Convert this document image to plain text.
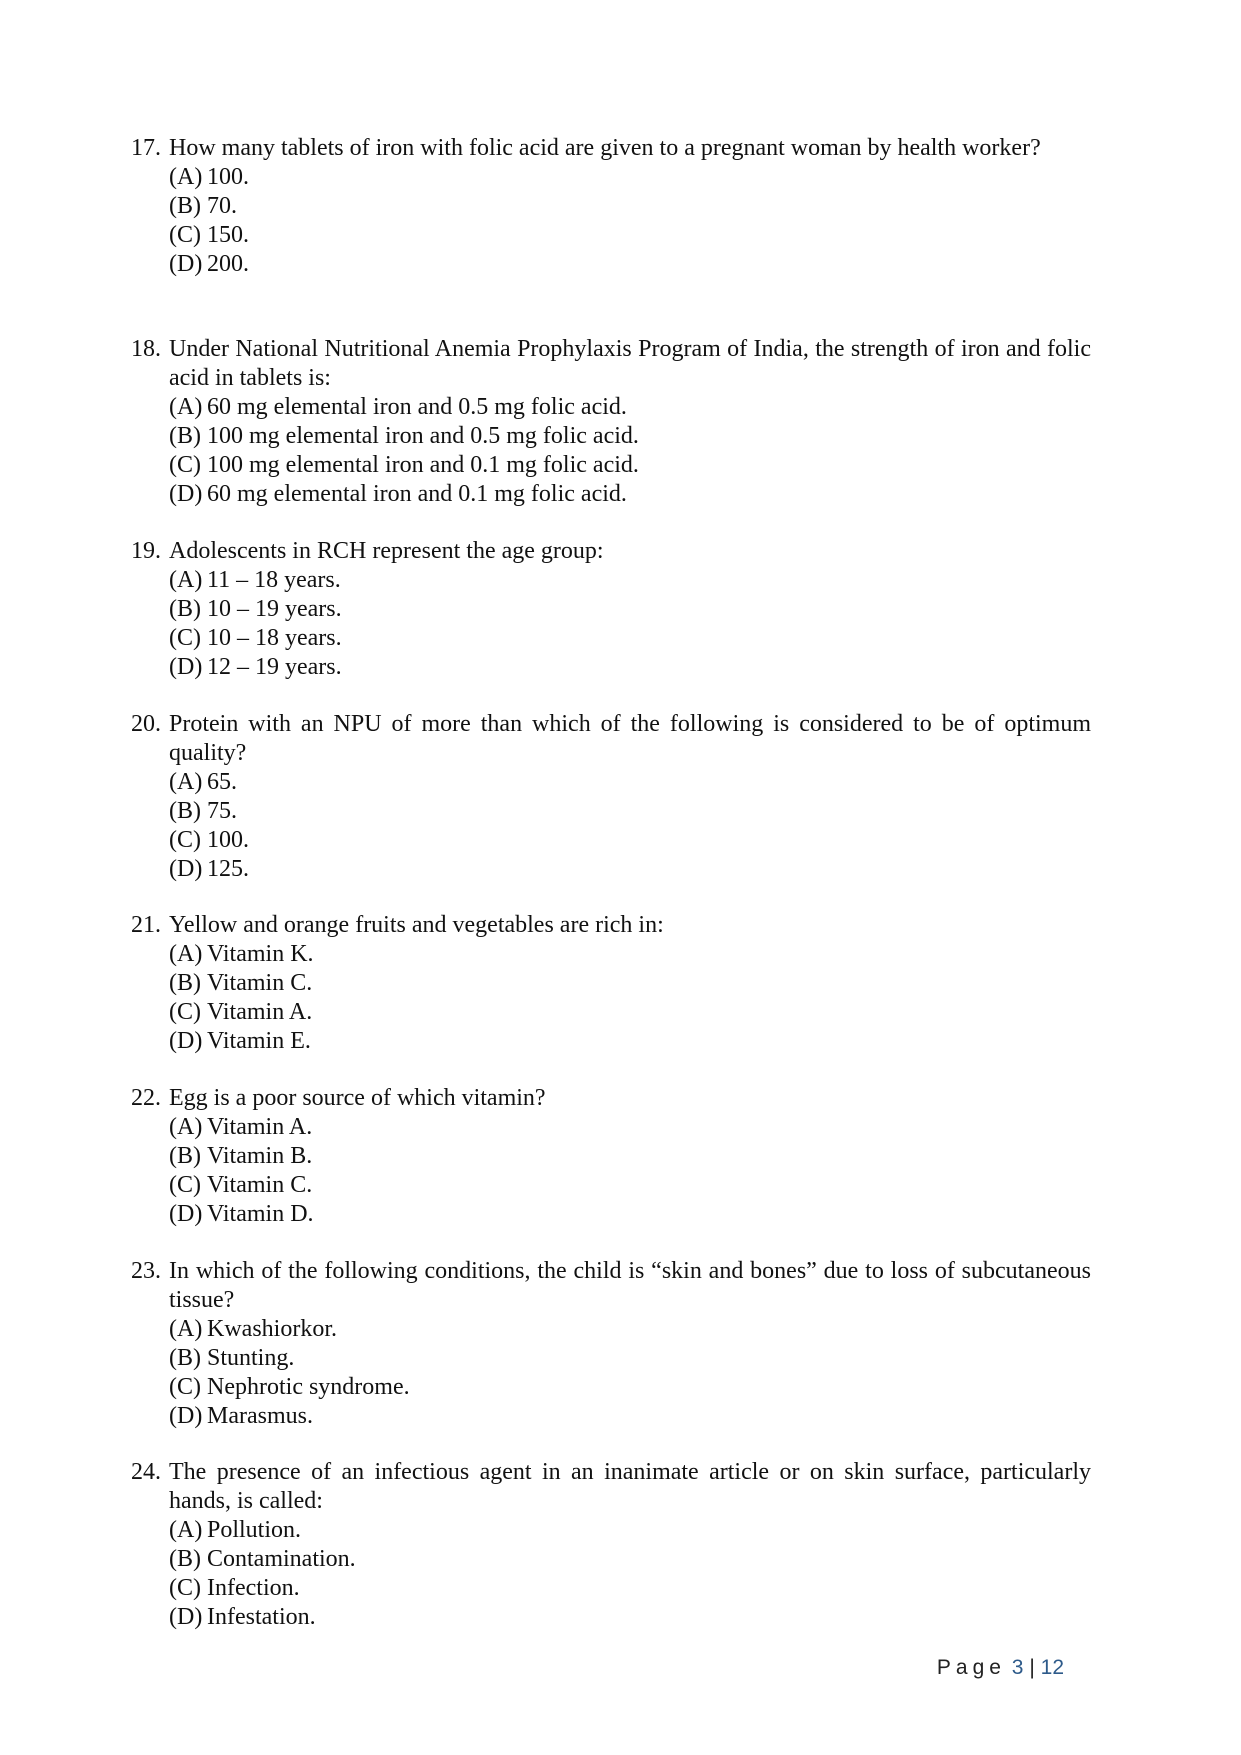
17. How many tablets of iron with folic acid are given to a pregnant woman by health worker?
(A) 100.
(B) 70.
(C) 150.
(D) 200.
18. Under National Nutritional Anemia Prophylaxis Program of India, the strength of iron and folic acid in tablets is:
(A) 60 mg elemental iron and 0.5 mg folic acid.
(B) 100 mg elemental iron and 0.5 mg folic acid.
(C) 100 mg elemental iron and 0.1 mg folic acid.
(D) 60 mg elemental iron and 0.1 mg folic acid.
19. Adolescents in RCH represent the age group:
(A) 11 – 18 years.
(B) 10 – 19 years.
(C) 10 – 18 years.
(D) 12 – 19 years.
20. Protein with an NPU of more than which of the following is considered to be of optimum quality?
(A) 65.
(B) 75.
(C) 100.
(D) 125.
21. Yellow and orange fruits and vegetables are rich in:
(A) Vitamin K.
(B) Vitamin C.
(C) Vitamin A.
(D) Vitamin E.
22. Egg is a poor source of which vitamin?
(A) Vitamin A.
(B) Vitamin B.
(C) Vitamin C.
(D) Vitamin D.
23. In which of the following conditions, the child is “skin and bones” due to loss of subcutaneous tissue?
(A) Kwashiorkor.
(B) Stunting.
(C) Nephrotic syndrome.
(D) Marasmus.
24. The presence of an infectious agent in an inanimate article or on skin surface, particularly hands, is called:
(A) Pollution.
(B) Contamination.
(C) Infection.
(D) Infestation.
Page 3 | 12
